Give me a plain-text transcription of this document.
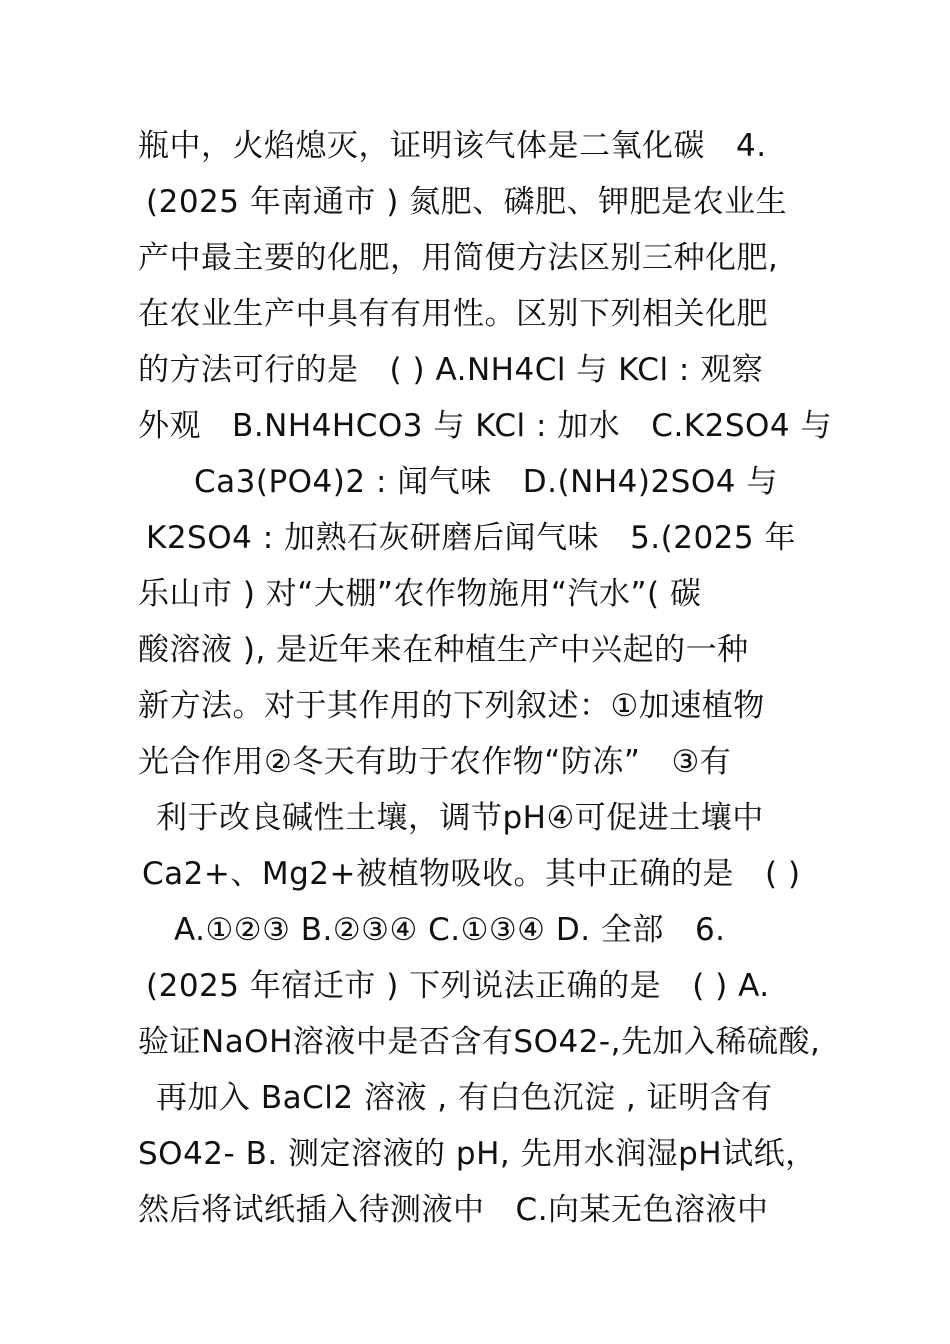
瓶中，火焰熄灭，证明该气体是二氧化碳   4.
(2025 年南通市 ) 氮肥、磷肥、钾肥是农业生
产中最主要的化肥，用简便方法区别三种化肥,
在农业生产中具有有用性。区别下列相关化肥
的方法可行的是   ( ) A.NH4Cl 与 KCl : 观察
外观   B.NH4HCO3 与 KCl : 加水   C.K2SO4 与
Ca3(PO4)2 : 闻气味   D.(NH4)2SO4 与
K2SO4 : 加熟石灰研磨后闻气味   5.(2025 年
乐山市 ) 对“大棚”农作物施用“汽水”( 碳
酸溶液 ), 是近年来在种植生产中兴起的一种
新方法。对于其作用的下列叙述：①加速植物
光合作用②冬天有助于农作物“防冻”   ③有
利于改良碱性土壤，调节pH④可促进土壤中
Ca2+、Mg2+被植物吸收。其中正确的是   ( )
A.①②③ B.②③④ C.①③④ D. 全部   6.
(2025 年宿迁市 ) 下列说法正确的是   ( ) A.
验证NaOH溶液中是否含有SO42-,先加入稀硫酸,
再加入 BaCl2 溶液 , 有白色沉淀 , 证明含有
SO42- B. 测定溶液的 pH, 先用水润湿pH试纸，
然后将试纸插入待测液中   C.向某无色溶液中
